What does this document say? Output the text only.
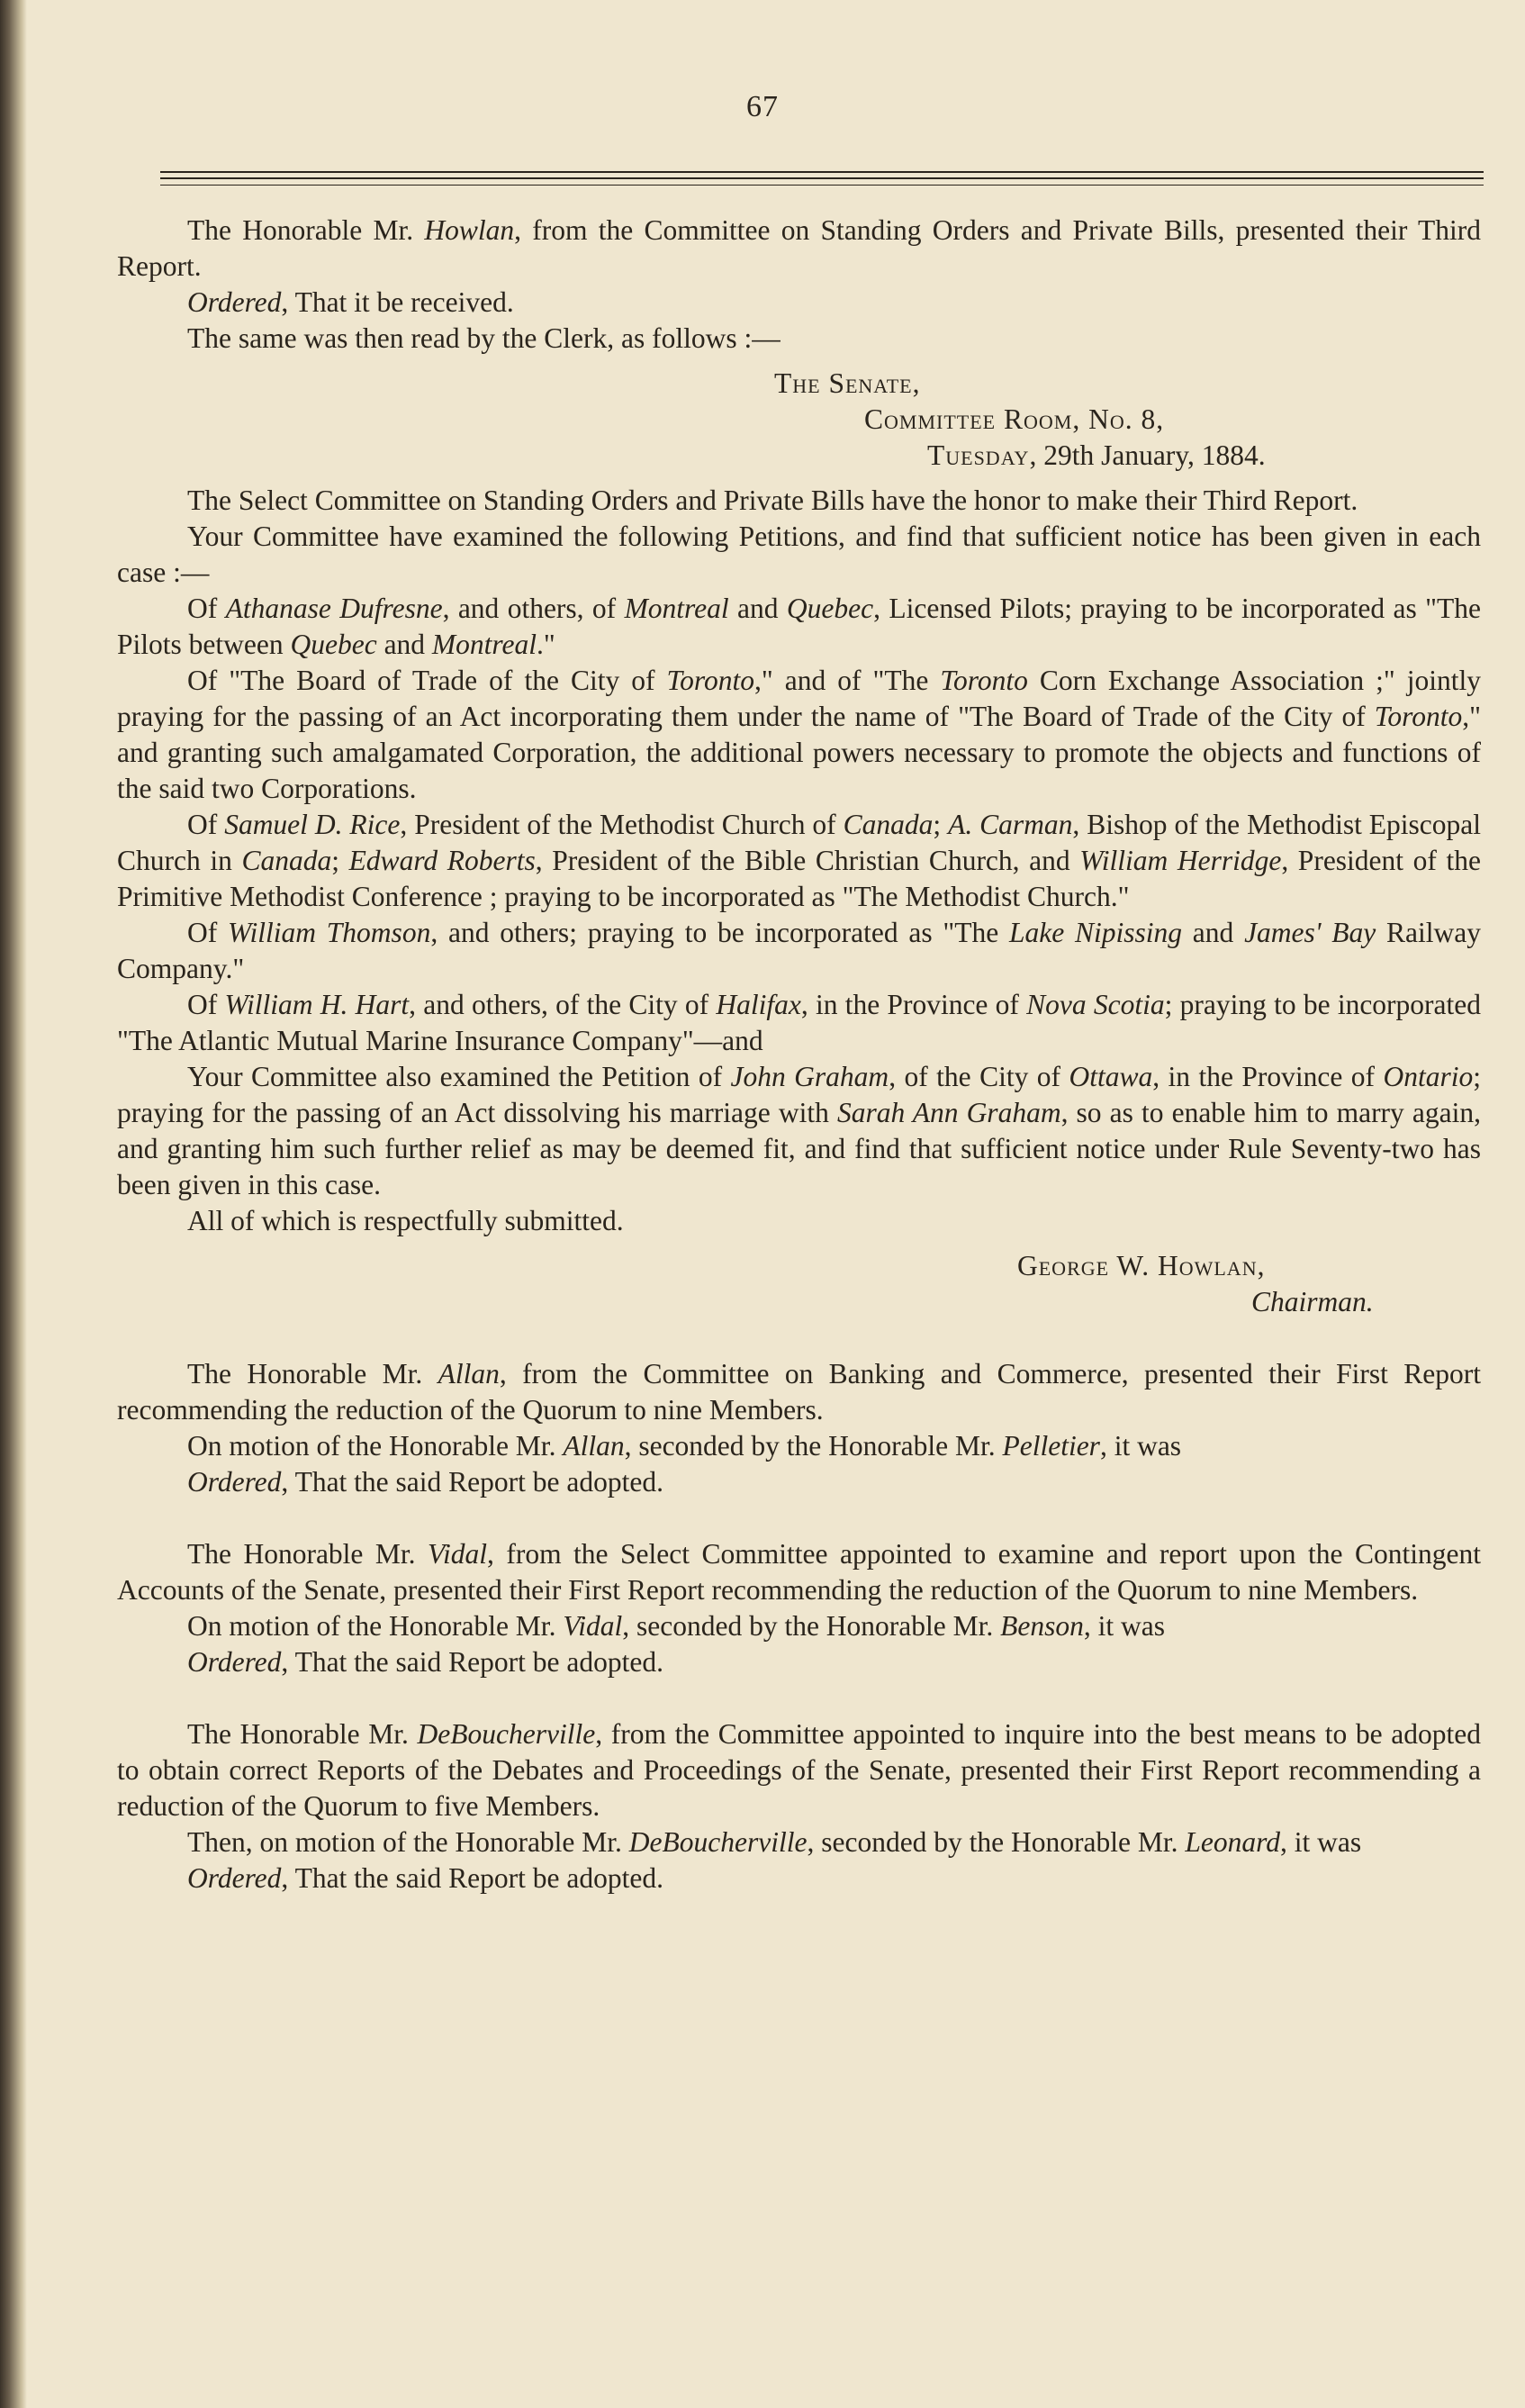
67

The Honorable Mr. Howlan, from the Committee on Standing Orders and Private Bills, presented their Third Report.

Ordered, That it be received.

The same was then read by the Clerk, as follows :—

The Senate,

Committee Room, No. 8,

Tuesday, 29th January, 1884.

The Select Committee on Standing Orders and Private Bills have the honor to make their Third Report.

Your Committee have examined the following Petitions, and find that sufficient notice has been given in each case :—

Of Athanase Dufresne, and others, of Montreal and Quebec, Licensed Pilots; praying to be incorporated as "The Pilots between Quebec and Montreal."

Of "The Board of Trade of the City of Toronto," and of "The Toronto Corn Exchange Association ;" jointly praying for the passing of an Act incorporating them under the name of "The Board of Trade of the City of Toronto," and granting such amalgamated Corporation, the additional powers necessary to promote the objects and functions of the said two Corporations.

Of Samuel D. Rice, President of the Methodist Church of Canada; A. Carman, Bishop of the Methodist Episcopal Church in Canada; Edward Roberts, President of the Bible Christian Church, and William Herridge, President of the Primitive Methodist Conference ; praying to be incorporated as "The Methodist Church."

Of William Thomson, and others; praying to be incorporated as "The Lake Nipissing and James' Bay Railway Company."

Of William H. Hart, and others, of the City of Halifax, in the Province of Nova Scotia; praying to be incorporated "The Atlantic Mutual Marine Insurance Company"—and

Your Committee also examined the Petition of John Graham, of the City of Ottawa, in the Province of Ontario; praying for the passing of an Act dissolving his marriage with Sarah Ann Graham, so as to enable him to marry again, and granting him such further relief as may be deemed fit, and find that sufficient notice under Rule Seventy-two has been given in this case.

All of which is respectfully submitted.

George W. Howlan,

Chairman.

The Honorable Mr. Allan, from the Committee on Banking and Commerce, presented their First Report recommending the reduction of the Quorum to nine Members.

On motion of the Honorable Mr. Allan, seconded by the Honorable Mr. Pelletier, it was

Ordered, That the said Report be adopted.

The Honorable Mr. Vidal, from the Select Committee appointed to examine and report upon the Contingent Accounts of the Senate, presented their First Report recommending the reduction of the Quorum to nine Members.

On motion of the Honorable Mr. Vidal, seconded by the Honorable Mr. Benson, it was

Ordered, That the said Report be adopted.

The Honorable Mr. DeBoucherville, from the Committee appointed to inquire into the best means to be adopted to obtain correct Reports of the Debates and Proceedings of the Senate, presented their First Report recommending a reduction of the Quorum to five Members.

Then, on motion of the Honorable Mr. DeBoucherville, seconded by the Honorable Mr. Leonard, it was

Ordered, That the said Report be adopted.
